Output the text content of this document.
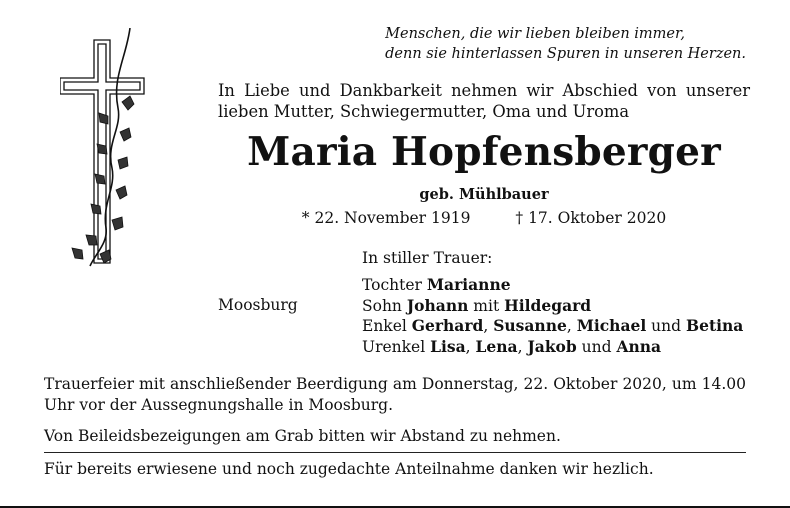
Menschen, die wir lieben bleiben immer,
denn sie hinterlassen Spuren in unseren Herzen.
In Liebe und Dankbarkeit nehmen wir Abschied von unserer lieben Mutter, Schwiegermutter, Oma und Uroma
Maria Hopfensberger
geb. Mühlbauer
* 22. November 1919	† 17. Oktober 2020
In stiller Trauer:
Moosburg
Tochter Marianne
Sohn Johann mit Hildegard
Enkel Gerhard, Susanne, Michael und Betina
Urenkel Lisa, Lena, Jakob und Anna
Trauerfeier mit anschließender Beerdigung am Donnerstag, 22. Oktober 2020, um 14.00 Uhr vor der Aussegnungshalle in Moosburg.
Von Beileidsbezeigungen am Grab bitten wir Abstand zu nehmen.
Für bereits erwiesene und noch zugedachte Anteilnahme danken wir hezlich.
